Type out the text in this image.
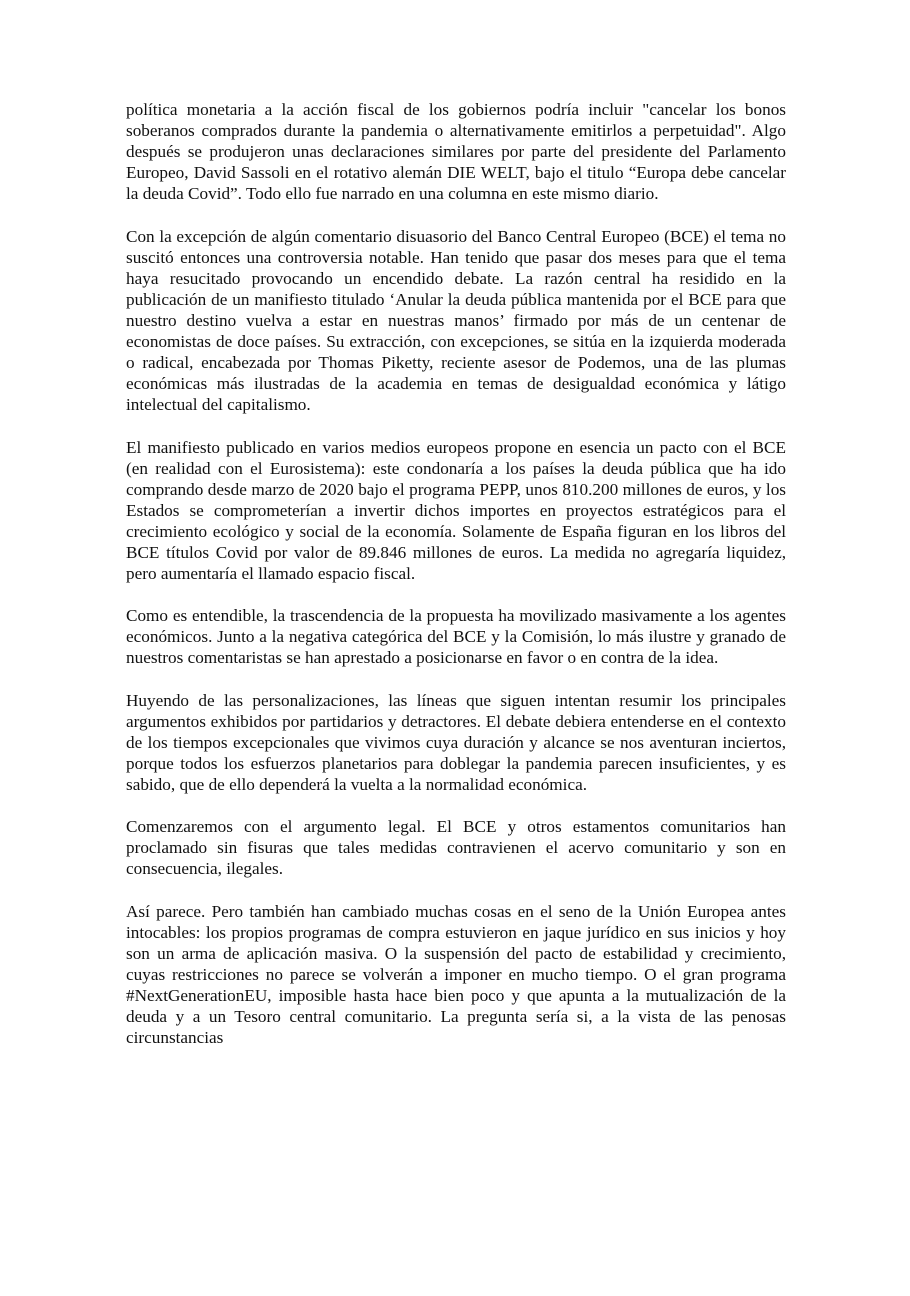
política monetaria a la acción fiscal de los gobiernos podría incluir "cancelar los bonos soberanos comprados durante la pandemia o alternativamente emitirlos a perpetuidad". Algo después se produjeron unas declaraciones similares por parte del presidente del Parlamento Europeo, David Sassoli en el rotativo alemán DIE WELT, bajo el titulo “Europa debe cancelar la deuda Covid”. Todo ello fue narrado en una columna en este mismo diario.

Con la excepción de algún comentario disuasorio del Banco Central Europeo (BCE) el tema no suscitó entonces una controversia notable. Han tenido que pasar dos meses para que el tema haya resucitado provocando un encendido debate. La razón central ha residido en la publicación de un manifiesto titulado ‘Anular la deuda pública mantenida por el BCE para que nuestro destino vuelva a estar en nuestras manos’ firmado por más de un centenar de economistas de doce países. Su extracción, con excepciones, se sitúa en la izquierda moderada o radical, encabezada por Thomas Piketty, reciente asesor de Podemos, una de las plumas económicas más ilustradas de la academia en temas de desigualdad económica y látigo intelectual del capitalismo.

El manifiesto publicado en varios medios europeos propone en esencia un pacto con el BCE (en realidad con el Eurosistema): este condonaría a los países la deuda pública que ha ido comprando desde marzo de 2020 bajo el programa PEPP, unos 810.200 millones de euros, y los Estados se comprometerían a invertir dichos importes en proyectos estratégicos para el crecimiento ecológico y social de la economía. Solamente de España figuran en los libros del BCE títulos Covid por valor de 89.846 millones de euros. La medida no agregaría liquidez, pero aumentaría el llamado espacio fiscal.

Como es entendible, la trascendencia de la propuesta ha movilizado masivamente a los agentes económicos. Junto a la negativa categórica del BCE y la Comisión, lo más ilustre y granado de nuestros comentaristas se han aprestado a posicionarse en favor o en contra de la idea.

Huyendo de las personalizaciones, las líneas que siguen intentan resumir los principales argumentos exhibidos por partidarios y detractores. El debate debiera entenderse en el contexto de los tiempos excepcionales que vivimos cuya duración y alcance se nos aventuran inciertos, porque todos los esfuerzos planetarios para doblegar la pandemia parecen insuficientes, y es sabido, que de ello dependerá la vuelta a la normalidad económica.

Comenzaremos con el argumento legal. El BCE y otros estamentos comunitarios han proclamado sin fisuras que tales medidas contravienen el acervo comunitario y son en consecuencia, ilegales.

Así parece. Pero también han cambiado muchas cosas en el seno de la Unión Europea antes intocables: los propios programas de compra estuvieron en jaque jurídico en sus inicios y hoy son un arma de aplicación masiva. O la suspensión del pacto de estabilidad y crecimiento, cuyas restricciones no parece se volverán a imponer en mucho tiempo. O el gran programa #NextGenerationEU, imposible hasta hace bien poco y que apunta a la mutualización de la deuda y a un Tesoro central comunitario. La pregunta sería si, a la vista de las penosas circunstancias
